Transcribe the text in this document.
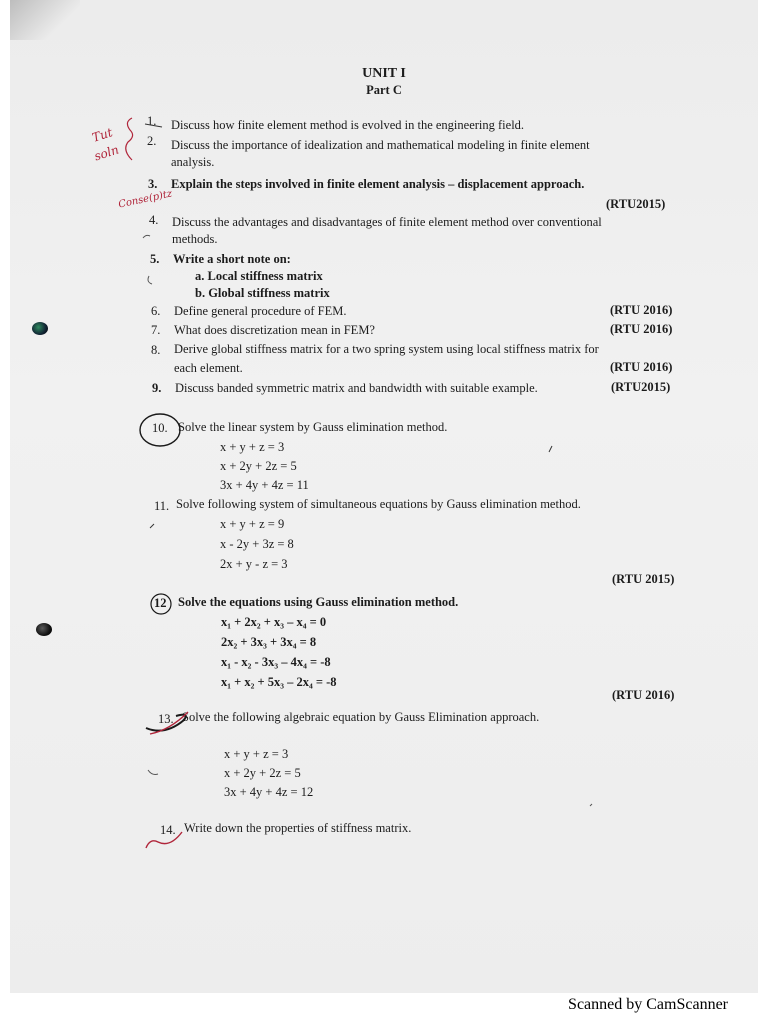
UNIT I
Part C
1. Discuss how finite element method is evolved in the engineering field.
2. Discuss the importance of idealization and mathematical modeling in finite element
analysis.
3. Explain the steps involved in finite element analysis – displacement approach.
(RTU2015)
4. Discuss the advantages and disadvantages of finite element method over conventional
methods.
5. Write a short note on:
a. Local stiffness matrix
b. Global stiffness matrix
6. Define general procedure of FEM.	(RTU 2016)
7. What does discretization mean in FEM?	(RTU 2016)
8. Derive global stiffness matrix for a two spring system using local stiffness matrix for
each element.	(RTU 2016)
9. Discuss banded symmetric matrix and bandwidth with suitable example.	(RTU2015)
10. Solve the linear system by Gauss elimination method.
x + y + z = 3
x + 2y + 2z = 5
3x + 4y + 4z = 11
11. Solve following system of simultaneous equations by Gauss elimination method.
x + y + z = 9
x - 2y + 3z = 8
2x + y - z = 3
(RTU 2015)
12 Solve the equations using Gauss elimination method.
x₁ + 2x₂ + x₃ – x₄ = 0
2x₂ + 3x₃ + 3x₄ = 8
x₁ - x₂ - 3x₃ – 4x₄ = -8
x₁ + x₂ + 5x₃ – 2x₄ = -8
(RTU 2016)
13. Solve the following algebraic equation by Gauss Elimination approach.
x + y + z = 3
x + 2y + 2z = 5
3x + 4y + 4z = 12
14. Write down the properties of stiffness matrix.
Tut
soln
Conse(p)tz
Scanned by CamScanner
